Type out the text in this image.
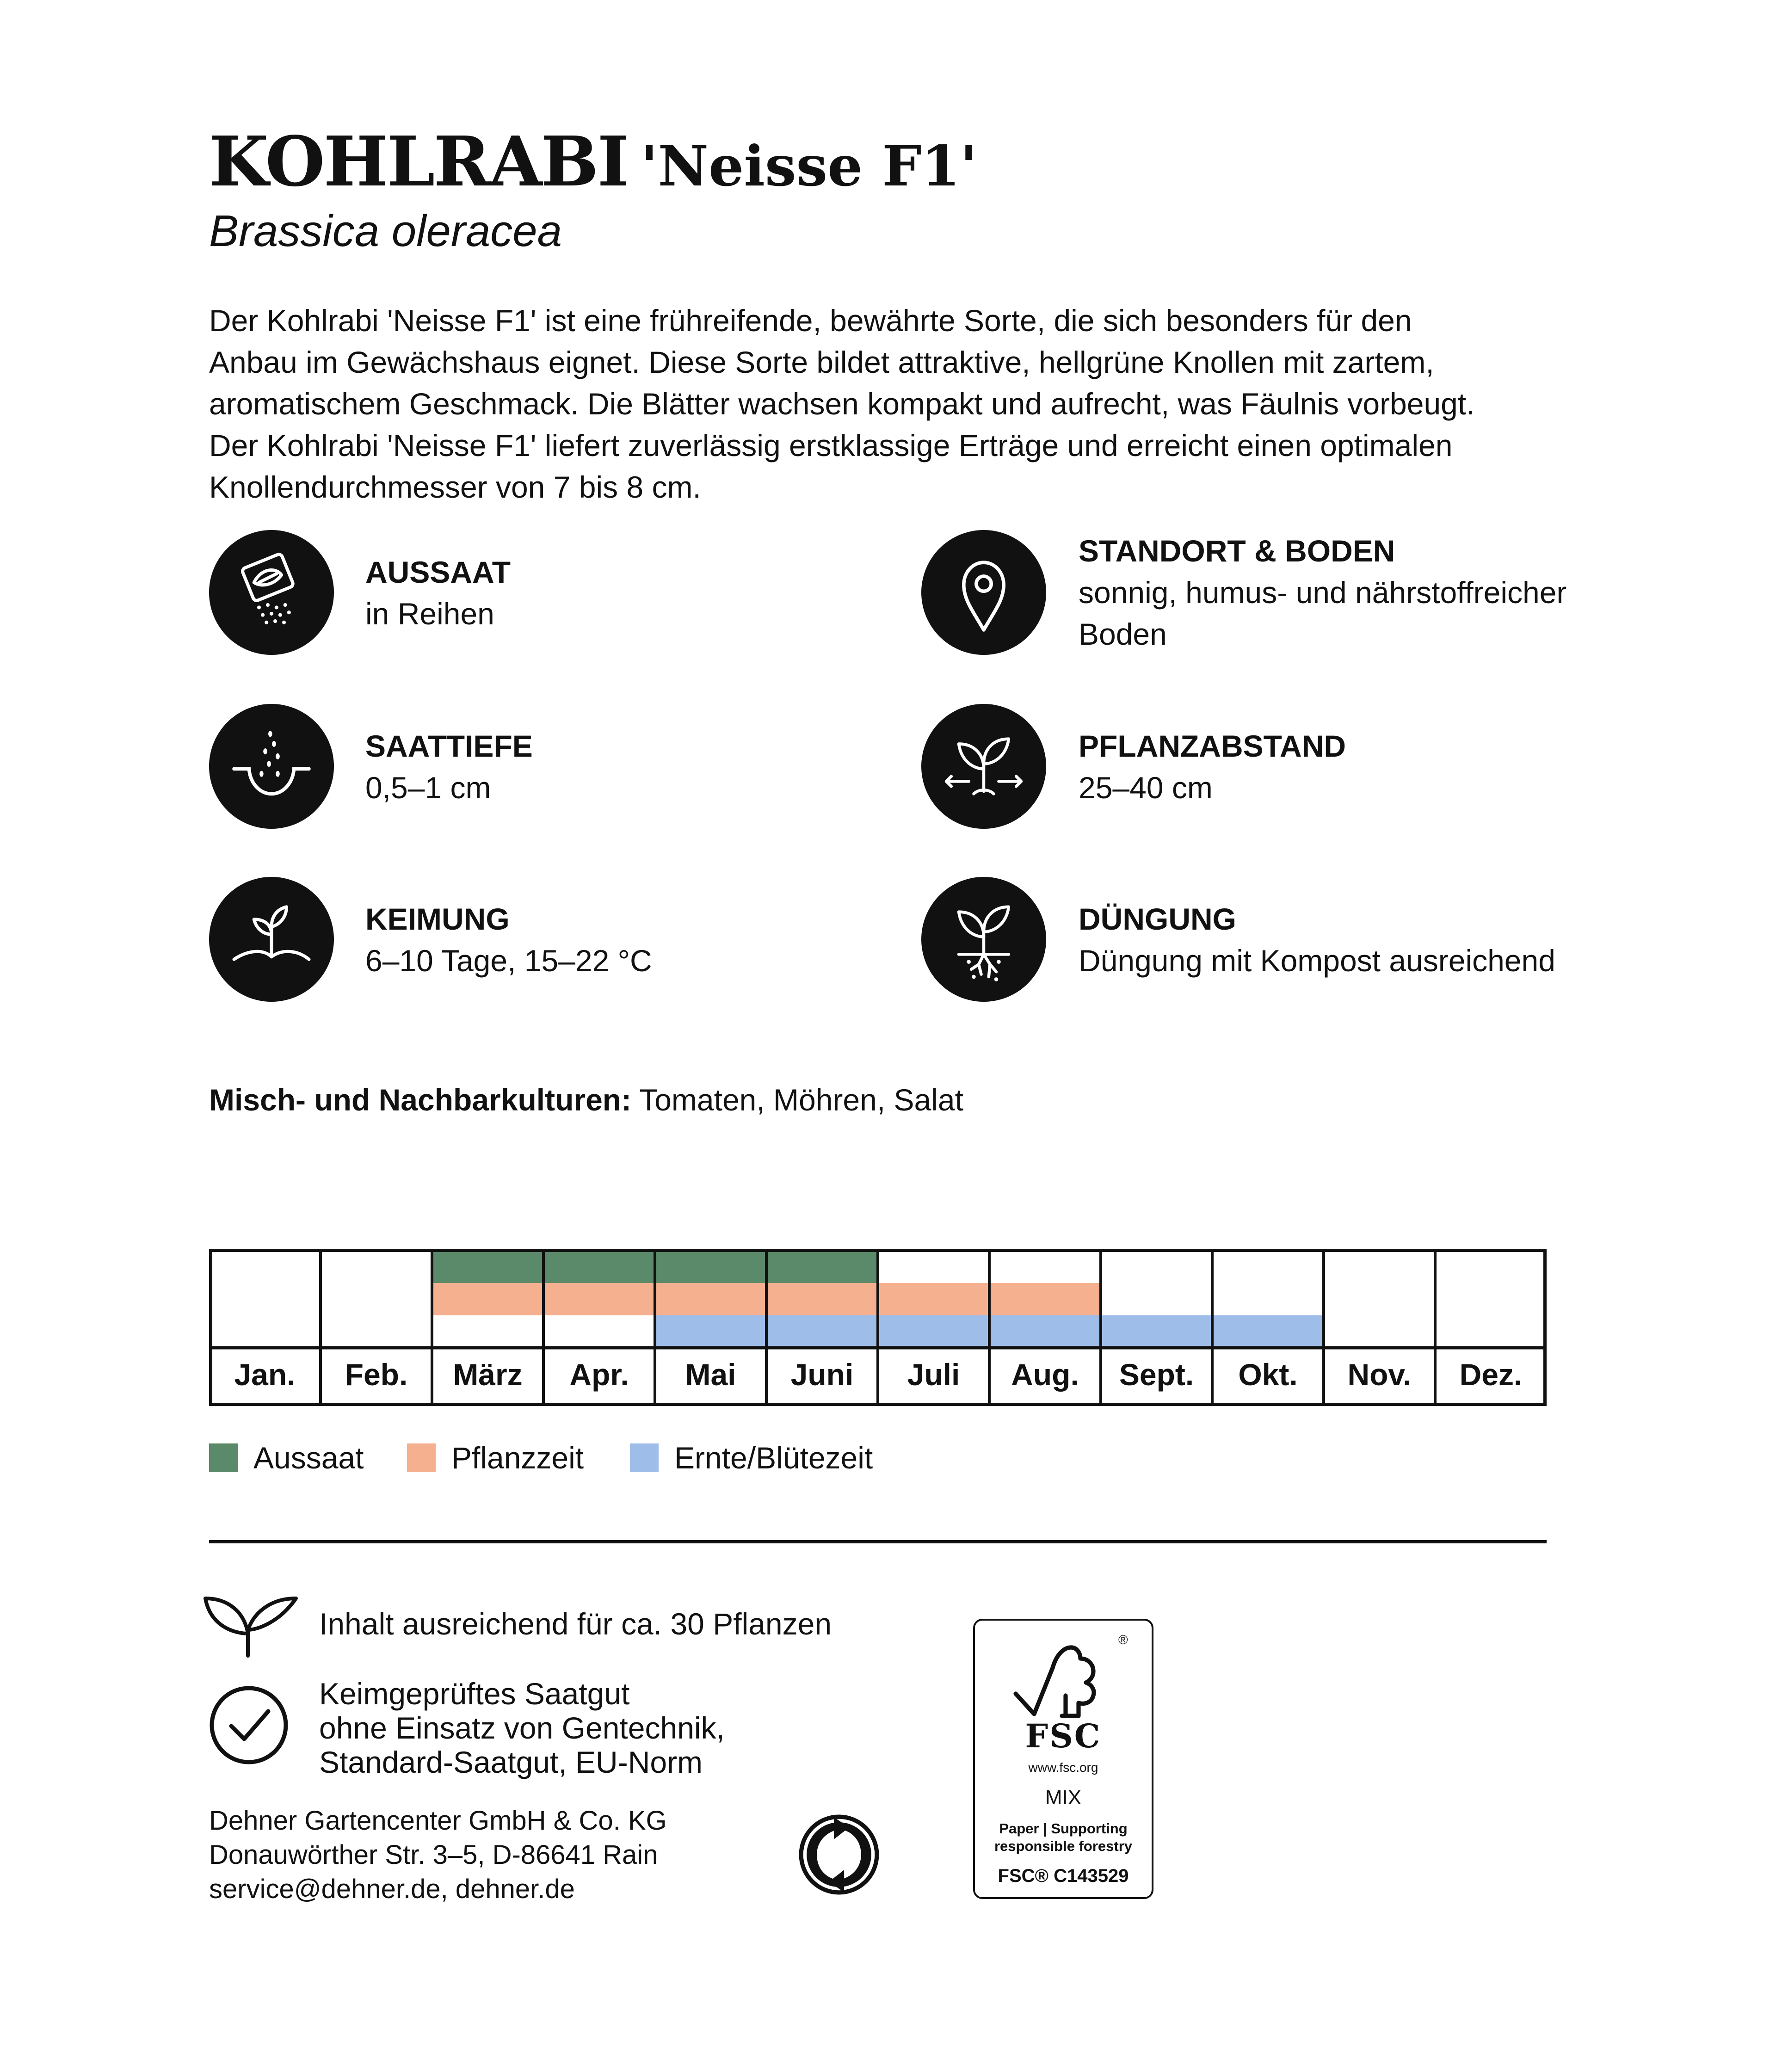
KOHLRABI 'Neisse F1'
Brassica oleracea
Der Kohlrabi 'Neisse F1' ist eine frühreifende, bewährte Sorte, die sich besonders für den
Anbau im Gewächshaus eignet. Diese Sorte bildet attraktive, hellgrüne Knollen mit zartem,
aromatischem Geschmack. Die Blätter wachsen kompakt und aufrecht, was Fäulnis vorbeugt.
Der Kohlrabi 'Neisse F1' liefert zuverlässig erstklassige Erträge und erreicht einen optimalen
Knollendurchmesser von 7 bis 8 cm.
AUSSAAT
in Reihen
STANDORT & BODEN
sonnig, humus- und nährstoffreicher
Boden
SAATTIEFE
0,5–1 cm
PFLANZABSTAND
25–40 cm
KEIMUNG
6–10 Tage, 15–22 °C
DÜNGUNG
Düngung mit Kompost ausreichend
Misch- und Nachbarkulturen: Tomaten, Möhren, Salat
Jan. Feb. März Apr. Mai Juni Juli Aug. Sept. Okt. Nov. Dez.
Aussaat	Pflanzzeit	Ernte/Blütezeit
Inhalt ausreichend für ca. 30 Pflanzen
Keimgeprüftes Saatgut
ohne Einsatz von Gentechnik,
Standard-Saatgut, EU-Norm
Dehner Gartencenter GmbH & Co. KG
Donauwörther Str. 3–5, D-86641 Rain
service@dehner.de, dehner.de
®
FSC
www.fsc.org
MIX
Paper | Supporting
responsible forestry
FSC® C143529
